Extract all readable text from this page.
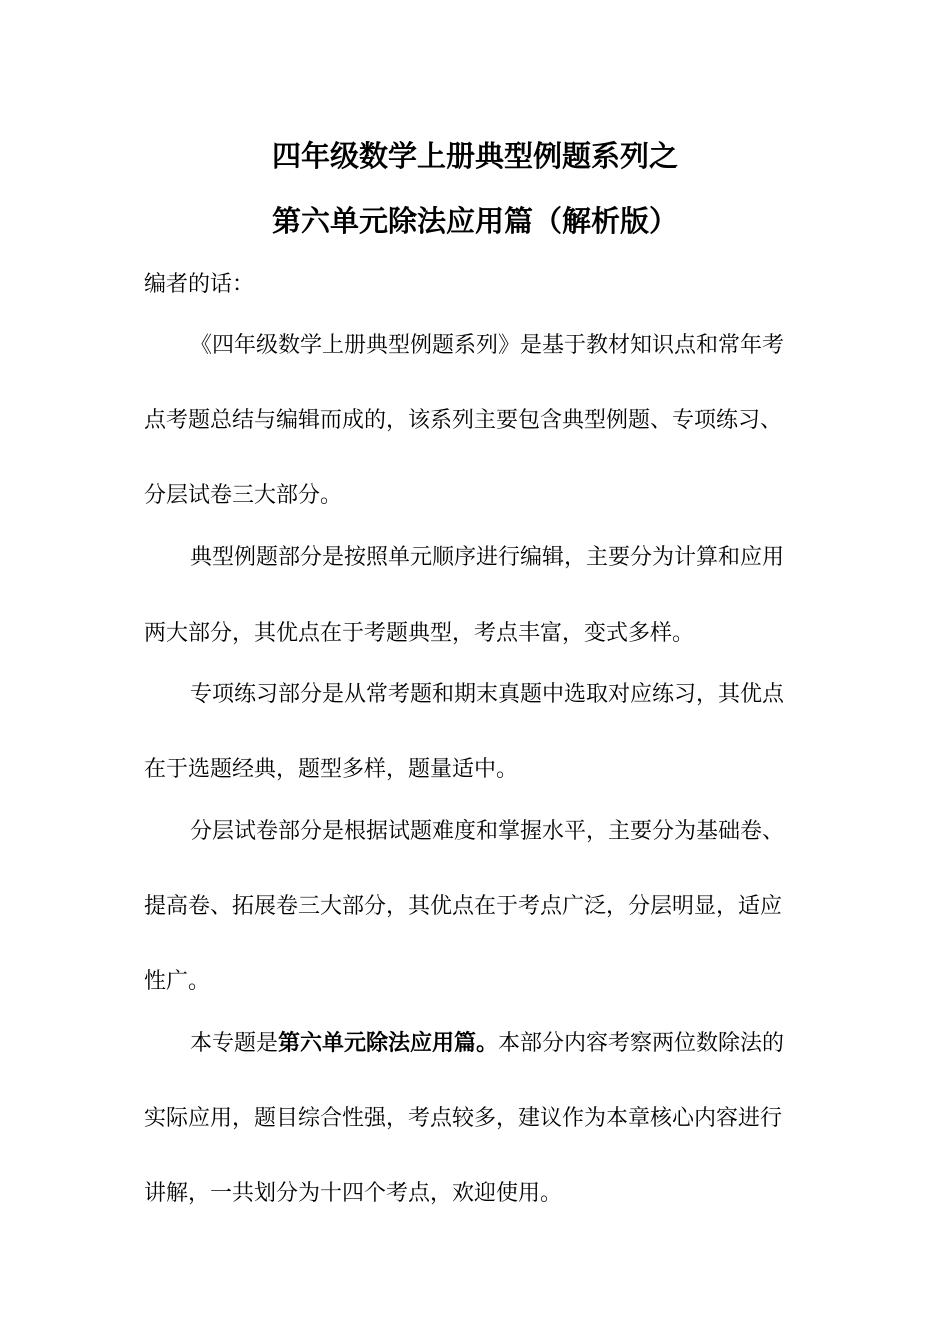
四年级数学上册典型例题系列之
第六单元除法应用篇（解析版）
编者的话：
《四年级数学上册典型例题系列》是基于教材知识点和常年考
点考题总结与编辑而成的，该系列主要包含典型例题、专项练习、
分层试卷三大部分。
典型例题部分是按照单元顺序进行编辑，主要分为计算和应用
两大部分，其优点在于考题典型，考点丰富，变式多样。
专项练习部分是从常考题和期末真题中选取对应练习，其优点
在于选题经典，题型多样，题量适中。
分层试卷部分是根据试题难度和掌握水平，主要分为基础卷、
提高卷、拓展卷三大部分，其优点在于考点广泛，分层明显，适应
性广。
本专题是第六单元除法应用篇。本部分内容考察两位数除法的
实际应用，题目综合性强，考点较多，建议作为本章核心内容进行
讲解，一共划分为十四个考点，欢迎使用。
